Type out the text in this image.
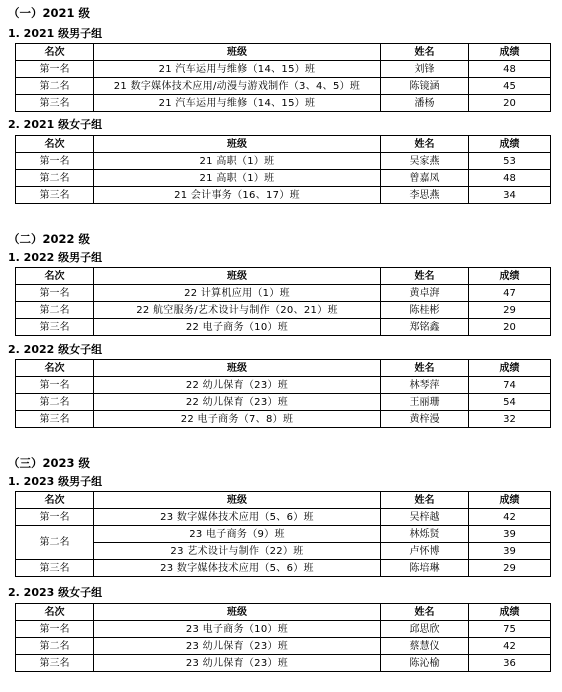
（一）2021 级
1. 2021 级男子组
名次	班级	姓名	成绩
第一名	21 汽车运用与维修（14、15）班	刘锋	48
第二名	21 数字媒体技术应用/动漫与游戏制作（3、4、5）班	陈镜涵	45
第三名	21 汽车运用与维修（14、15）班	潘杨	20
2. 2021 级女子组
名次	班级	姓名	成绩
第一名	21 高职（1）班	吴家燕	53
第二名	21 高职（1）班	曾嘉凤	48
第三名	21 会计事务（16、17）班	李思燕	34
（二）2022 级
1. 2022 级男子组
名次	班级	姓名	成绩
第一名	22 计算机应用（1）班	黄卓湃	47
第二名	22 航空服务/艺术设计与制作（20、21）班	陈桂彬	29
第三名	22 电子商务（10）班	郑铭鑫	20
2. 2022 级女子组
名次	班级	姓名	成绩
第一名	22 幼儿保育（23）班	林琴萍	74
第二名	22 幼儿保育（23）班	王丽珊	54
第三名	22 电子商务（7、8）班	黄梓漫	32
（三）2023 级
1. 2023 级男子组
名次	班级	姓名	成绩
第一名	23 数字媒体技术应用（5、6）班	吴梓越	42
第二名	23 电子商务（9）班	林烁贤	39
	23 艺术设计与制作（22）班	卢怀博	39
第三名	23 数字媒体技术应用（5、6）班	陈培琳	29
2. 2023 级女子组
名次	班级	姓名	成绩
第一名	23 电子商务（10）班	邱思欣	75
第二名	23 幼儿保育（23）班	蔡慧仪	42
第三名	23 幼儿保育（23）班	陈沁榆	36
